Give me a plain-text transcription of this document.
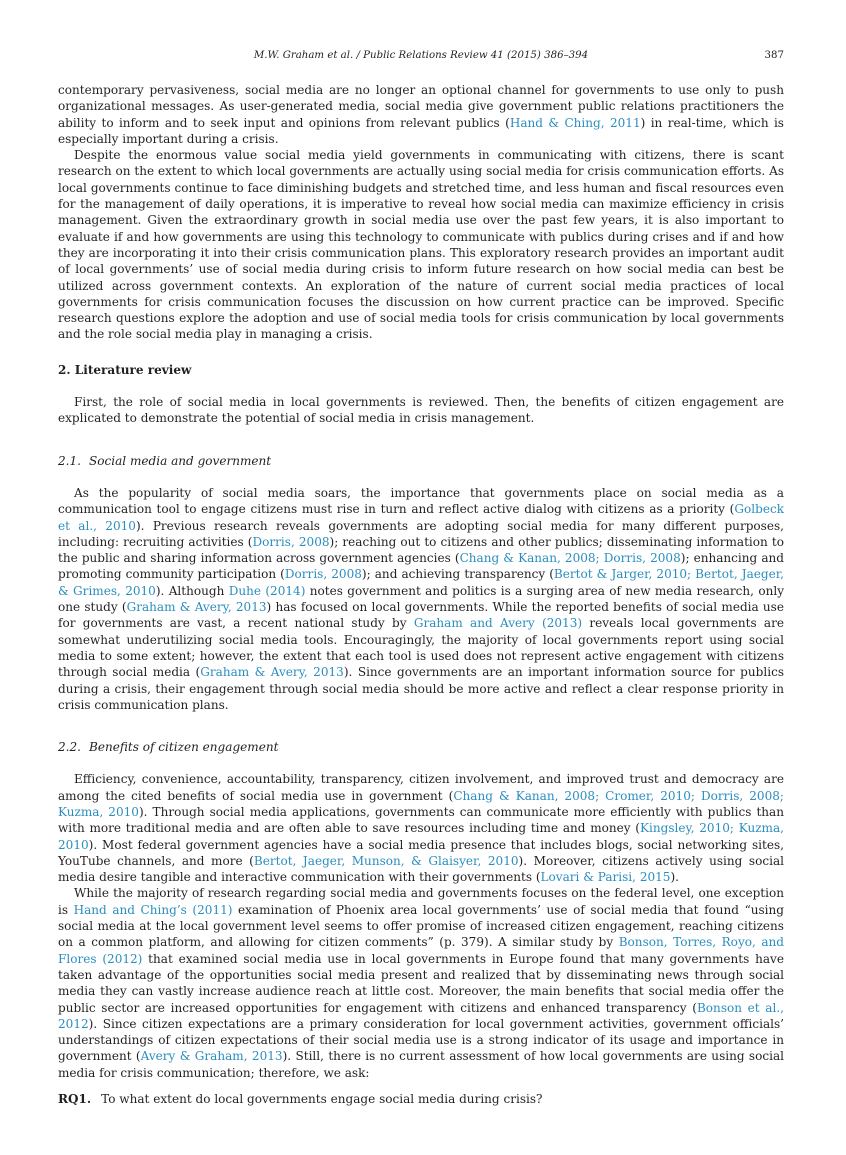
M.W. Graham et al. / Public Relations Review 41 (2015) 386–394	387

contemporary pervasiveness, social media are no longer an optional channel for governments to use only to push organizational messages. As user-generated media, social media give government public relations practitioners the ability to inform and to seek input and opinions from relevant publics (Hand & Ching, 2011) in real-time, which is especially important during a crisis.

Despite the enormous value social media yield governments in communicating with citizens, there is scant research on the extent to which local governments are actually using social media for crisis communication efforts. As local governments continue to face diminishing budgets and stretched time, and less human and fiscal resources even for the management of daily operations, it is imperative to reveal how social media can maximize efficiency in crisis management. Given the extraordinary growth in social media use over the past few years, it is also important to evaluate if and how governments are using this technology to communicate with publics during crises and if and how they are incorporating it into their crisis communication plans. This exploratory research provides an important audit of local governments’ use of social media during crisis to inform future research on how social media can best be utilized across government contexts. An exploration of the nature of current social media practices of local governments for crisis communication focuses the discussion on how current practice can be improved. Specific research questions explore the adoption and use of social media tools for crisis communication by local governments and the role social media play in managing a crisis.

2. Literature review

First, the role of social media in local governments is reviewed. Then, the benefits of citizen engagement are explicated to demonstrate the potential of social media in crisis management.

2.1. Social media and government

As the popularity of social media soars, the importance that governments place on social media as a communication tool to engage citizens must rise in turn and reflect active dialog with citizens as a priority (Golbeck et al., 2010). Previous research reveals governments are adopting social media for many different purposes, including: recruiting activities (Dorris, 2008); reaching out to citizens and other publics; disseminating information to the public and sharing information across government agencies (Chang & Kanan, 2008; Dorris, 2008); enhancing and promoting community participation (Dorris, 2008); and achieving transparency (Bertot & Jarger, 2010; Bertot, Jaeger, & Grimes, 2010). Although Duhe (2014) notes government and politics is a surging area of new media research, only one study (Graham & Avery, 2013) has focused on local governments. While the reported benefits of social media use for governments are vast, a recent national study by Graham and Avery (2013) reveals local governments are somewhat underutilizing social media tools. Encouragingly, the majority of local governments report using social media to some extent; however, the extent that each tool is used does not represent active engagement with citizens through social media (Graham & Avery, 2013). Since governments are an important information source for publics during a crisis, their engagement through social media should be more active and reflect a clear response priority in crisis communication plans.

2.2. Benefits of citizen engagement

Efficiency, convenience, accountability, transparency, citizen involvement, and improved trust and democracy are among the cited benefits of social media use in government (Chang & Kanan, 2008; Cromer, 2010; Dorris, 2008; Kuzma, 2010). Through social media applications, governments can communicate more efficiently with publics than with more traditional media and are often able to save resources including time and money (Kingsley, 2010; Kuzma, 2010). Most federal government agencies have a social media presence that includes blogs, social networking sites, YouTube channels, and more (Bertot, Jaeger, Munson, & Glaisyer, 2010). Moreover, citizens actively using social media desire tangible and interactive communication with their governments (Lovari & Parisi, 2015).

While the majority of research regarding social media and governments focuses on the federal level, one exception is Hand and Ching’s (2011) examination of Phoenix area local governments’ use of social media that found “using social media at the local government level seems to offer promise of increased citizen engagement, reaching citizens on a common platform, and allowing for citizen comments” (p. 379). A similar study by Bonson, Torres, Royo, and Flores (2012) that examined social media use in local governments in Europe found that many governments have taken advantage of the opportunities social media present and realized that by disseminating news through social media they can vastly increase audience reach at little cost. Moreover, the main benefits that social media offer the public sector are increased opportunities for engagement with citizens and enhanced transparency (Bonson et al., 2012). Since citizen expectations are a primary consideration for local government activities, government officials’ understandings of citizen expectations of their social media use is a strong indicator of its usage and importance in government (Avery & Graham, 2013). Still, there is no current assessment of how local governments are using social media for crisis communication; therefore, we ask:

RQ1. To what extent do local governments engage social media during crisis?
